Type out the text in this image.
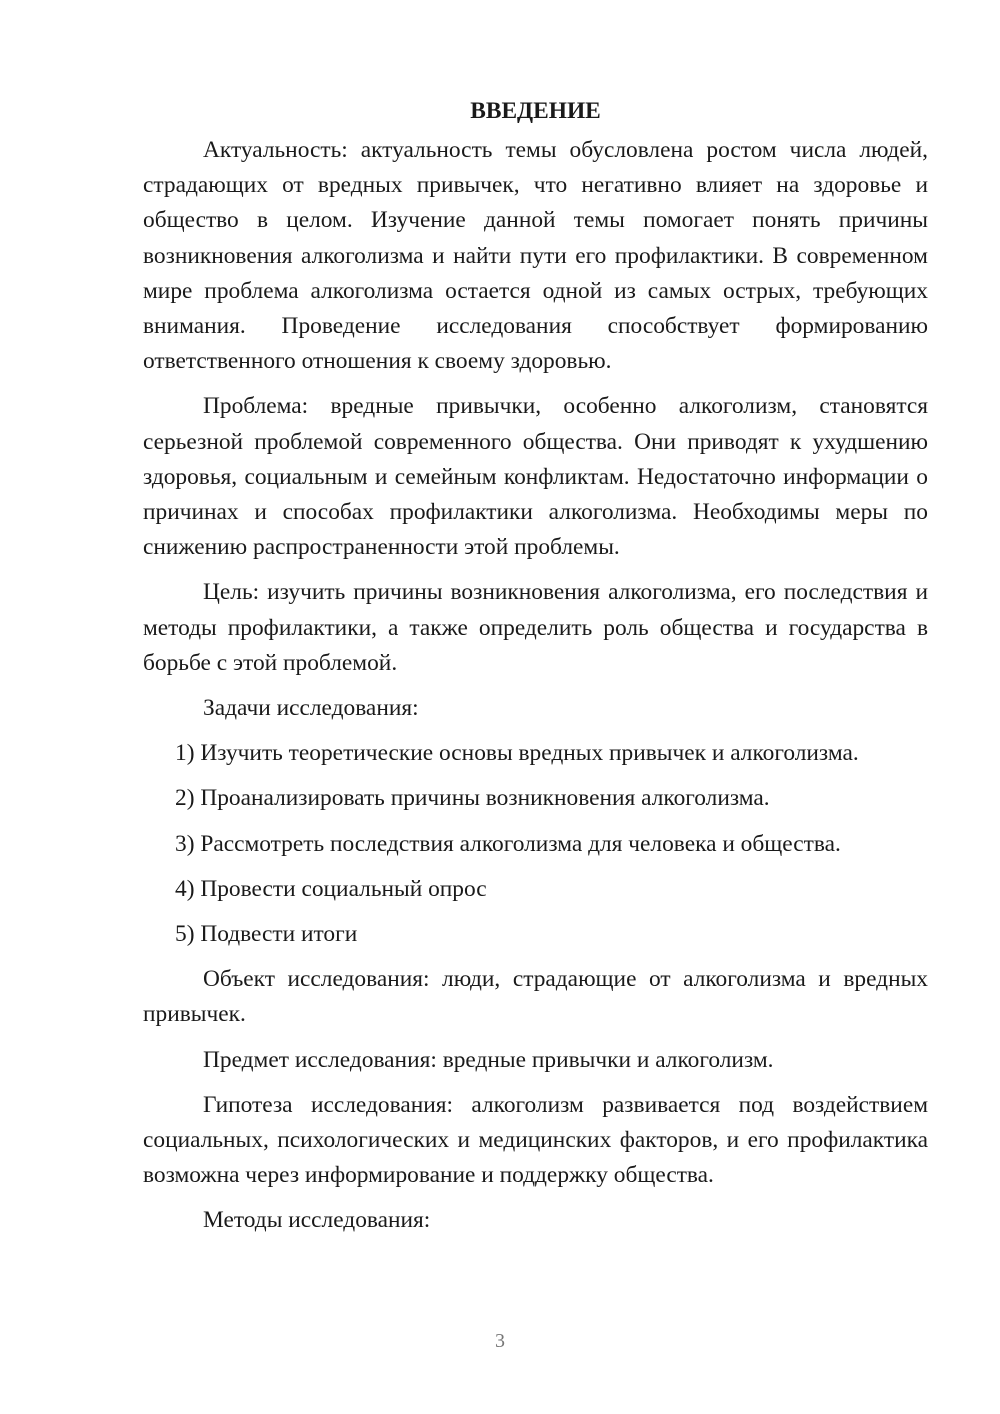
ВВЕДЕНИЕ

Актуальность: актуальность темы обусловлена ростом числа людей, страдающих от вредных привычек, что негативно влияет на здоровье и общество в целом. Изучение данной темы помогает понять причины возникновения алкоголизма и найти пути его профилактики. В современном мире проблема алкоголизма остается одной из самых острых, требующих внимания. Проведение исследования способствует формированию ответственного отношения к своему здоровью.

Проблема: вредные привычки, особенно алкоголизм, становятся серьезной проблемой современного общества. Они приводят к ухудшению здоровья, социальным и семейным конфликтам. Недостаточно информации о причинах и способах профилактики алкоголизма. Необходимы меры по снижению распространенности этой проблемы.

Цель: изучить причины возникновения алкоголизма, его последствия и методы профилактики, а также определить роль общества и государства в борьбе с этой проблемой.

Задачи исследования:

1) Изучить теоретические основы вредных привычек и алкоголизма.
2) Проанализировать причины возникновения алкоголизма.
3) Рассмотреть последствия алкоголизма для человека и общества.
4) Провести социальный опрос
5) Подвести итоги

Объект исследования: люди, страдающие от алкоголизма и вредных привычек.

Предмет исследования: вредные привычки и алкоголизм.

Гипотеза исследования: алкоголизм развивается под воздействием социальных, психологических и медицинских факторов, и его профилактика возможна через информирование и поддержку общества.

Методы исследования:

3
